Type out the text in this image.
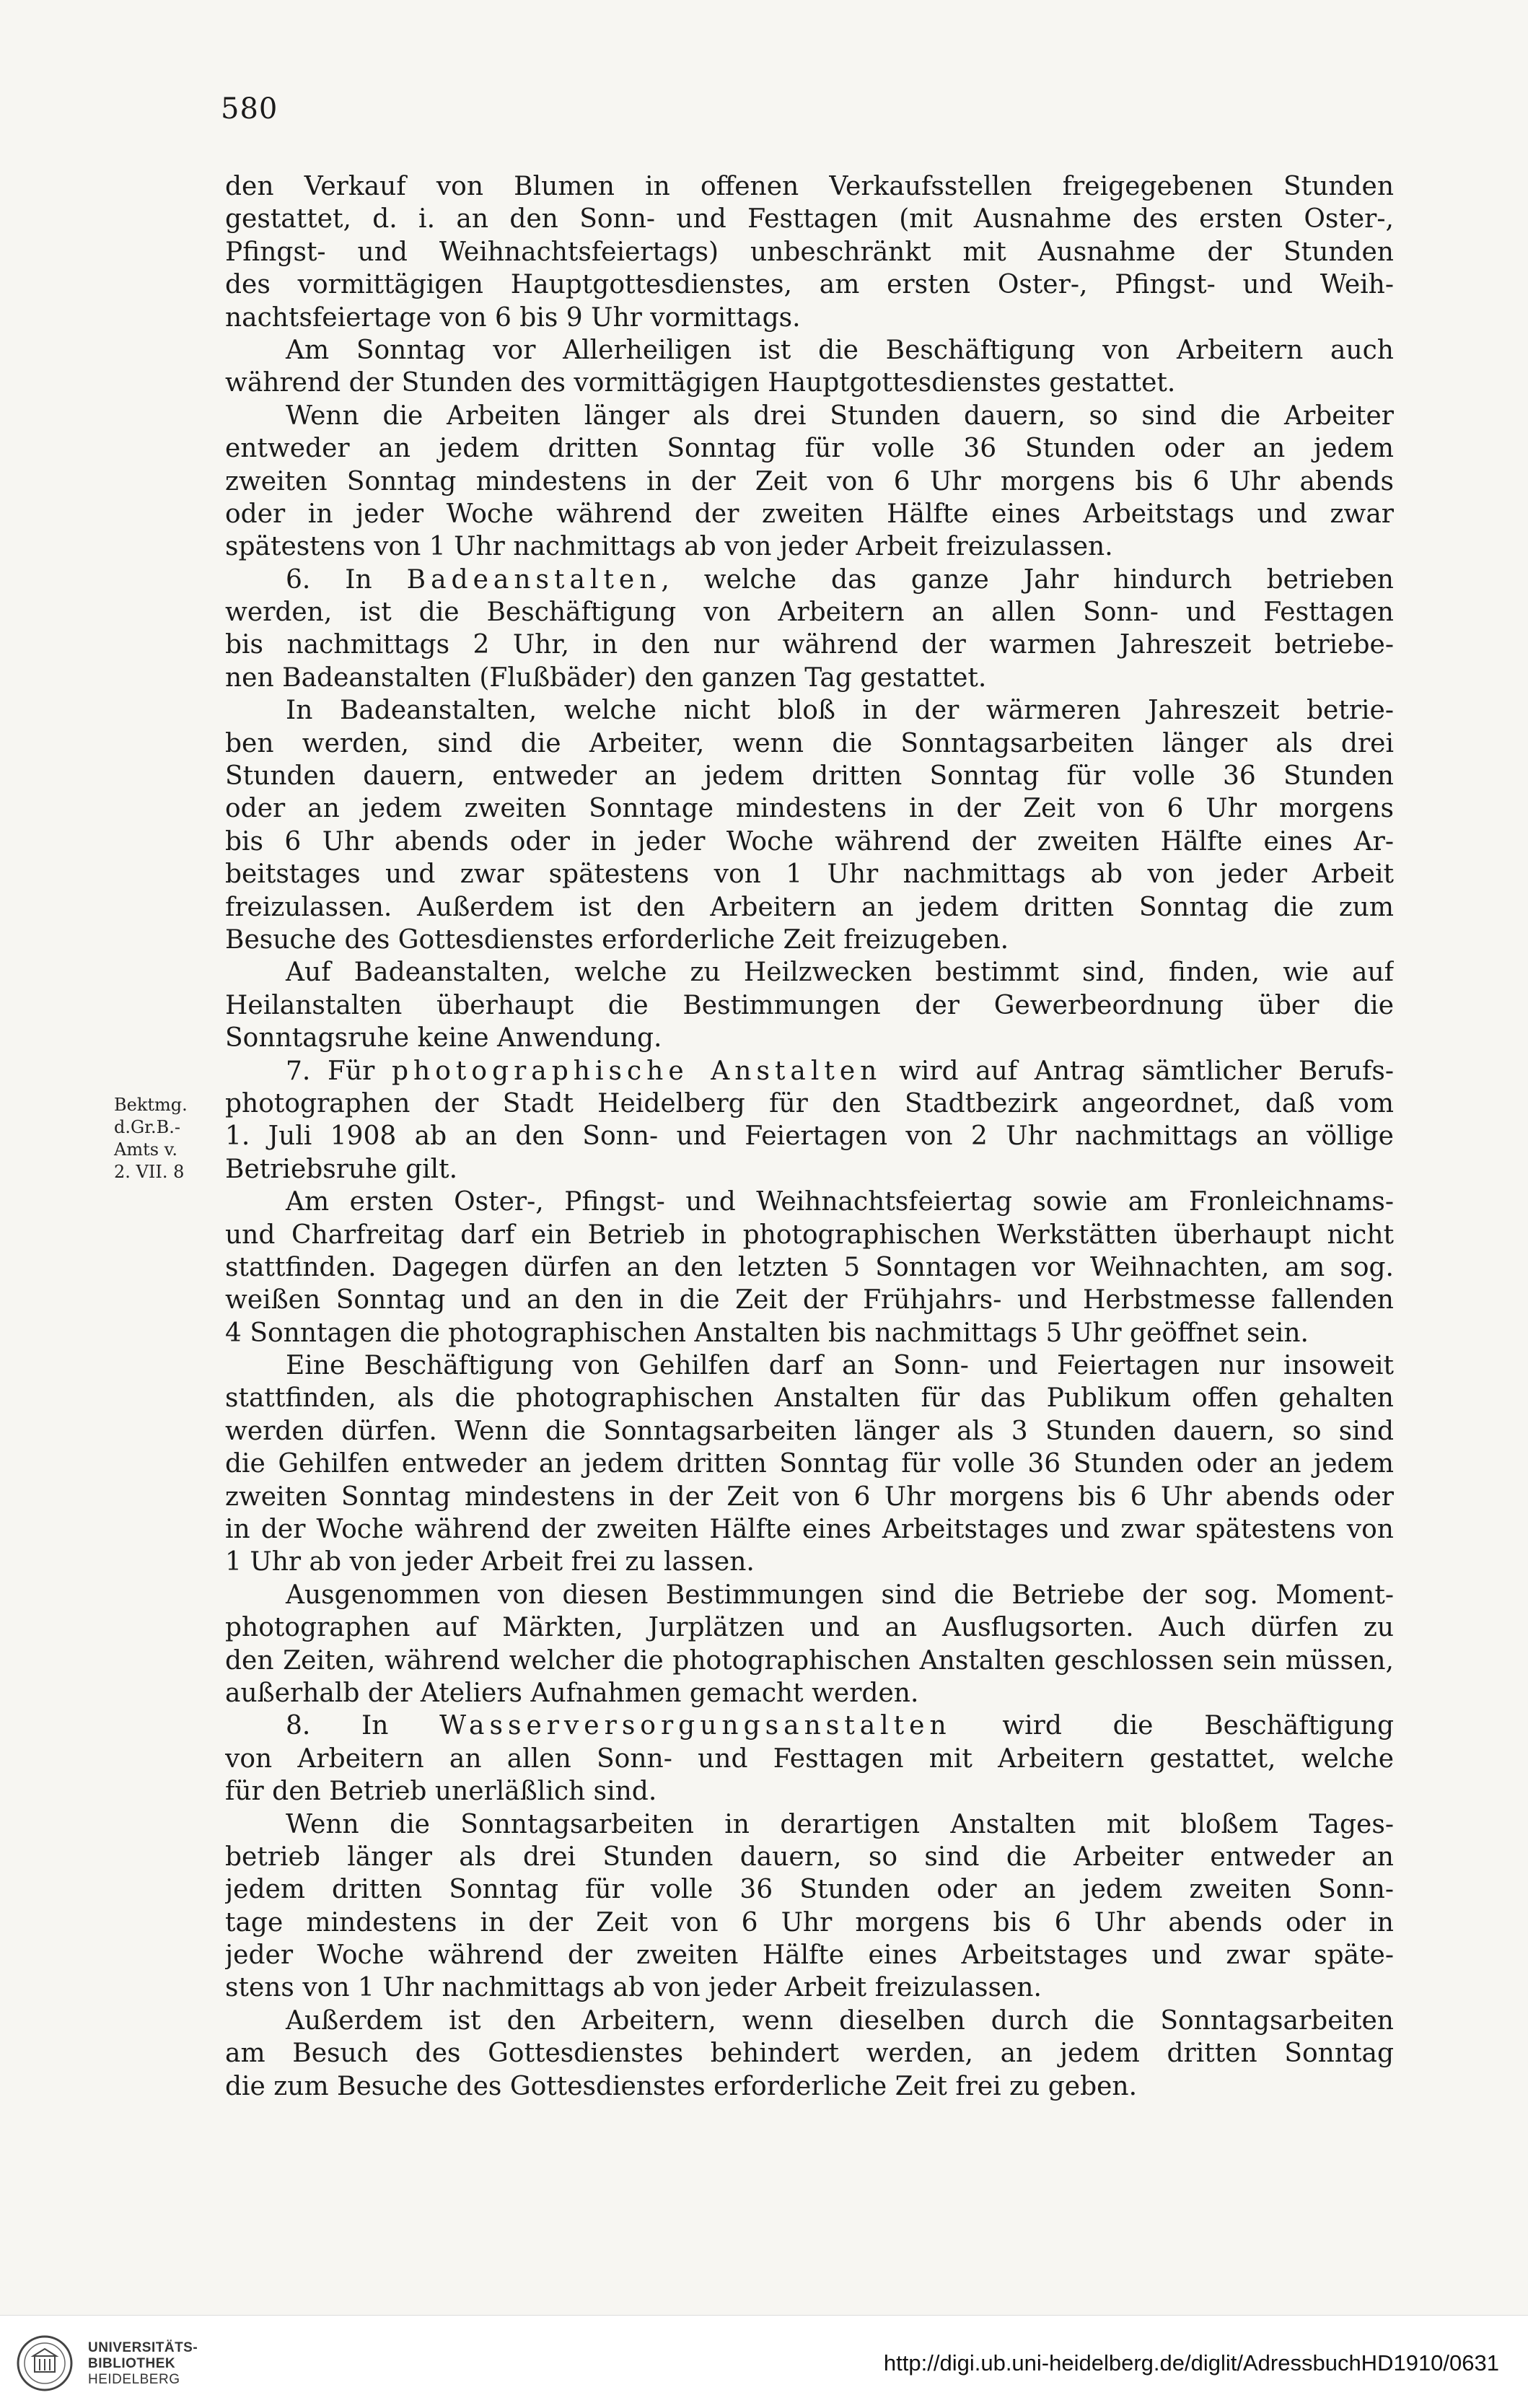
580
Bektmg.
d.Gr.B.-
Amts v.
2. VII. 8
den Verkauf von Blumen in offenen Verkaufsstellen freigegebenen Stunden
gestattet, d. i. an den Sonn- und Festtagen (mit Ausnahme des ersten Oster-,
Pfingst- und Weihnachtsfeiertags) unbeschränkt mit Ausnahme der Stunden
des vormittägigen Hauptgottesdienstes, am ersten Oster-, Pfingst- und Weih-
nachtsfeiertage von 6 bis 9 Uhr vormittags.
Am Sonntag vor Allerheiligen ist die Beschäftigung von Arbeitern auch
während der Stunden des vormittägigen Hauptgottesdienstes gestattet.
Wenn die Arbeiten länger als drei Stunden dauern, so sind die Arbeiter
entweder an jedem dritten Sonntag für volle 36 Stunden oder an jedem
zweiten Sonntag mindestens in der Zeit von 6 Uhr morgens bis 6 Uhr abends
oder in jeder Woche während der zweiten Hälfte eines Arbeitstags und zwar
spätestens von 1 Uhr nachmittags ab von jeder Arbeit freizulassen.
6. In Badeanstalten, welche das ganze Jahr hindurch betrieben
werden, ist die Beschäftigung von Arbeitern an allen Sonn- und Festtagen
bis nachmittags 2 Uhr, in den nur während der warmen Jahreszeit betriebe-
nen Badeanstalten (Flußbäder) den ganzen Tag gestattet.
In Badeanstalten, welche nicht bloß in der wärmeren Jahreszeit betrie-
ben werden, sind die Arbeiter, wenn die Sonntagsarbeiten länger als drei
Stunden dauern, entweder an jedem dritten Sonntag für volle 36 Stunden
oder an jedem zweiten Sonntage mindestens in der Zeit von 6 Uhr morgens
bis 6 Uhr abends oder in jeder Woche während der zweiten Hälfte eines Ar-
beitstages und zwar spätestens von 1 Uhr nachmittags ab von jeder Arbeit
freizulassen. Außerdem ist den Arbeitern an jedem dritten Sonntag die zum
Besuche des Gottesdienstes erforderliche Zeit freizugeben.
Auf Badeanstalten, welche zu Heilzwecken bestimmt sind, finden, wie auf
Heilanstalten überhaupt die Bestimmungen der Gewerbeordnung über die
Sonntagsruhe keine Anwendung.
7. Für photographische Anstalten wird auf Antrag sämtlicher Berufs-
photographen der Stadt Heidelberg für den Stadtbezirk angeordnet, daß vom
1. Juli 1908 ab an den Sonn- und Feiertagen von 2 Uhr nachmittags an völlige
Betriebsruhe gilt.
Am ersten Oster-, Pfingst- und Weihnachtsfeiertag sowie am Fronleichnams-
und Charfreitag darf ein Betrieb in photographischen Werkstätten überhaupt nicht
stattfinden. Dagegen dürfen an den letzten 5 Sonntagen vor Weihnachten, am sog.
weißen Sonntag und an den in die Zeit der Frühjahrs- und Herbstmesse fallenden
4 Sonntagen die photographischen Anstalten bis nachmittags 5 Uhr geöffnet sein.
Eine Beschäftigung von Gehilfen darf an Sonn- und Feiertagen nur insoweit
stattfinden, als die photographischen Anstalten für das Publikum offen gehalten
werden dürfen. Wenn die Sonntagsarbeiten länger als 3 Stunden dauern, so sind
die Gehilfen entweder an jedem dritten Sonntag für volle 36 Stunden oder an jedem
zweiten Sonntag mindestens in der Zeit von 6 Uhr morgens bis 6 Uhr abends oder
in der Woche während der zweiten Hälfte eines Arbeitstages und zwar spätestens von
1 Uhr ab von jeder Arbeit frei zu lassen.
Ausgenommen von diesen Bestimmungen sind die Betriebe der sog. Moment-
photographen auf Märkten, Jurplätzen und an Ausflugsorten. Auch dürfen zu
den Zeiten, während welcher die photographischen Anstalten geschlossen sein müssen,
außerhalb der Ateliers Aufnahmen gemacht werden.
8. In Wasserversorgungsanstalten wird die Beschäftigung
von Arbeitern an allen Sonn- und Festtagen mit Arbeitern gestattet, welche
für den Betrieb unerläßlich sind.
Wenn die Sonntagsarbeiten in derartigen Anstalten mit bloßem Tages-
betrieb länger als drei Stunden dauern, so sind die Arbeiter entweder an
jedem dritten Sonntag für volle 36 Stunden oder an jedem zweiten Sonn-
tage mindestens in der Zeit von 6 Uhr morgens bis 6 Uhr abends oder in
jeder Woche während der zweiten Hälfte eines Arbeitstages und zwar späte-
stens von 1 Uhr nachmittags ab von jeder Arbeit freizulassen.
Außerdem ist den Arbeitern, wenn dieselben durch die Sonntagsarbeiten
am Besuch des Gottesdienstes behindert werden, an jedem dritten Sonntag
die zum Besuche des Gottesdienstes erforderliche Zeit frei zu geben.
UNIVERSITÄTS-
BIBLIOTHEK
HEIDELBERG
http://digi.ub.uni-heidelberg.de/diglit/AdressbuchHD1910/0631
